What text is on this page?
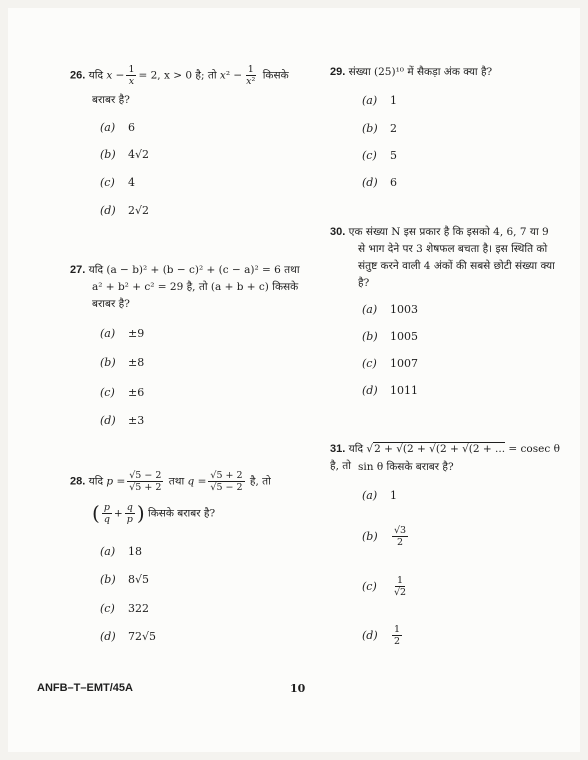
26. यदि $x - \frac{1}{x} = 2$, x > 0 है; तो $x^2 - \frac{1}{\text{x²}}$ किसके
बराबर है?
(a)	6
(b)	4√2
(c)	4
(d)	2√2
27. यदि (a − b)² + (b − c)² + (c − a)² = 6 तथा
a² + b² + c² = 29 है, तो (a + b + c) किसके
बराबर है?
(a)	±9
(b)	±8
(c)	±6
(d)	±3
28. यदि $p = \frac{√5 - 2}{√5 + 2}$ तथा $q = \frac{√5 + 2}{√5 - 2}$ है, तो
( $\frac{p}{q} + \frac{q}{p}$ ) किसके बराबर है?
(a)	18
(b)	8√5
(c)	322
(d)	72√5
29. संख्या (25)¹⁰ में सैकड़ा अंक क्या है?
(a)	1
(b)	2
(c)	5
(d)	6
30. एक संख्या N इस प्रकार है कि इसको 4, 6, 7 या 9
से भाग देने पर 3 शेषफल बचता है। इस स्थिति को
संतुष्ट करने वाली 4 अंकों की सबसे छोटी संख्या क्या
है?
(a)	1003
(b)	1005
(c)	1007
(d)	1011
31. यदि √2 + √(2 + √(2 + √(2 + ... = cosec θ है, तो sin θ किसके बराबर है?
(a)	1
(b)	$\frac{√3}{2}$
(c)	$\frac{1}{√2}$
(d)	$\frac{1}{2}$
ANFB–T–EMT/45A	10
